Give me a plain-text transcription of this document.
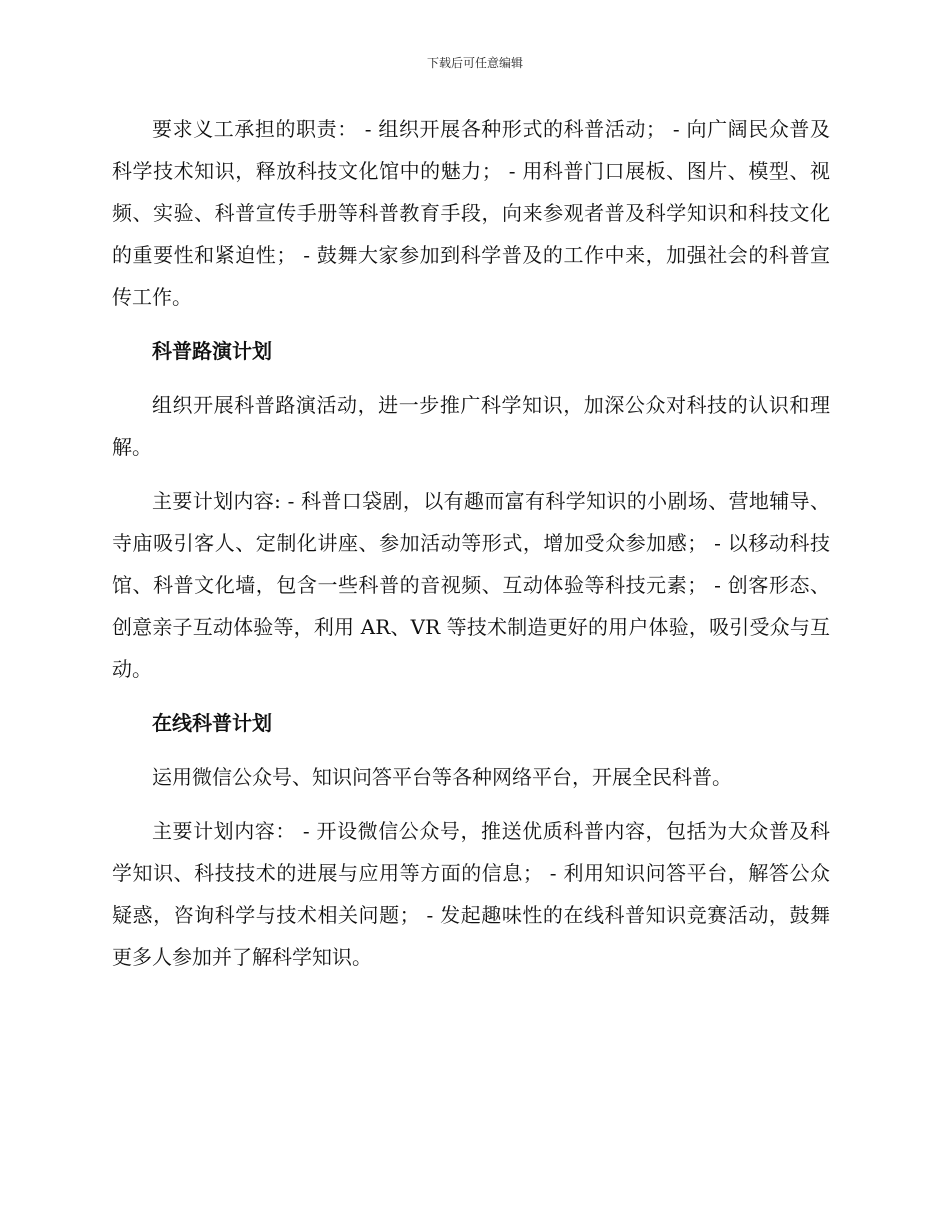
下载后可任意编辑

要求义工承担的职责： - 组织开展各种形式的科普活动； - 向广阔民众普及科学技术知识，释放科技文化馆中的魅力； - 用科普门口展板、图片、模型、视频、实验、科普宣传手册等科普教育手段，向来参观者普及科学知识和科技文化的重要性和紧迫性； - 鼓舞大家参加到科学普及的工作中来，加强社会的科普宣传工作。

科普路演计划

组织开展科普路演活动，进一步推广科学知识，加深公众对科技的认识和理解。

主要计划内容: - 科普口袋剧，以有趣而富有科学知识的小剧场、营地辅导、寺庙吸引客人、定制化讲座、参加活动等形式，增加受众参加感； - 以移动科技馆、科普文化墙，包含一些科普的音视频、互动体验等科技元素； - 创客形态、创意亲子互动体验等，利用 AR、VR 等技术制造更好的用户体验，吸引受众与互动。

在线科普计划

运用微信公众号、知识问答平台等各种网络平台，开展全民科普。

主要计划内容： - 开设微信公众号，推送优质科普内容，包括为大众普及科学知识、科技技术的进展与应用等方面的信息； - 利用知识问答平台，解答公众疑惑，咨询科学与技术相关问题； - 发起趣味性的在线科普知识竞赛活动，鼓舞更多人参加并了解科学知识。
